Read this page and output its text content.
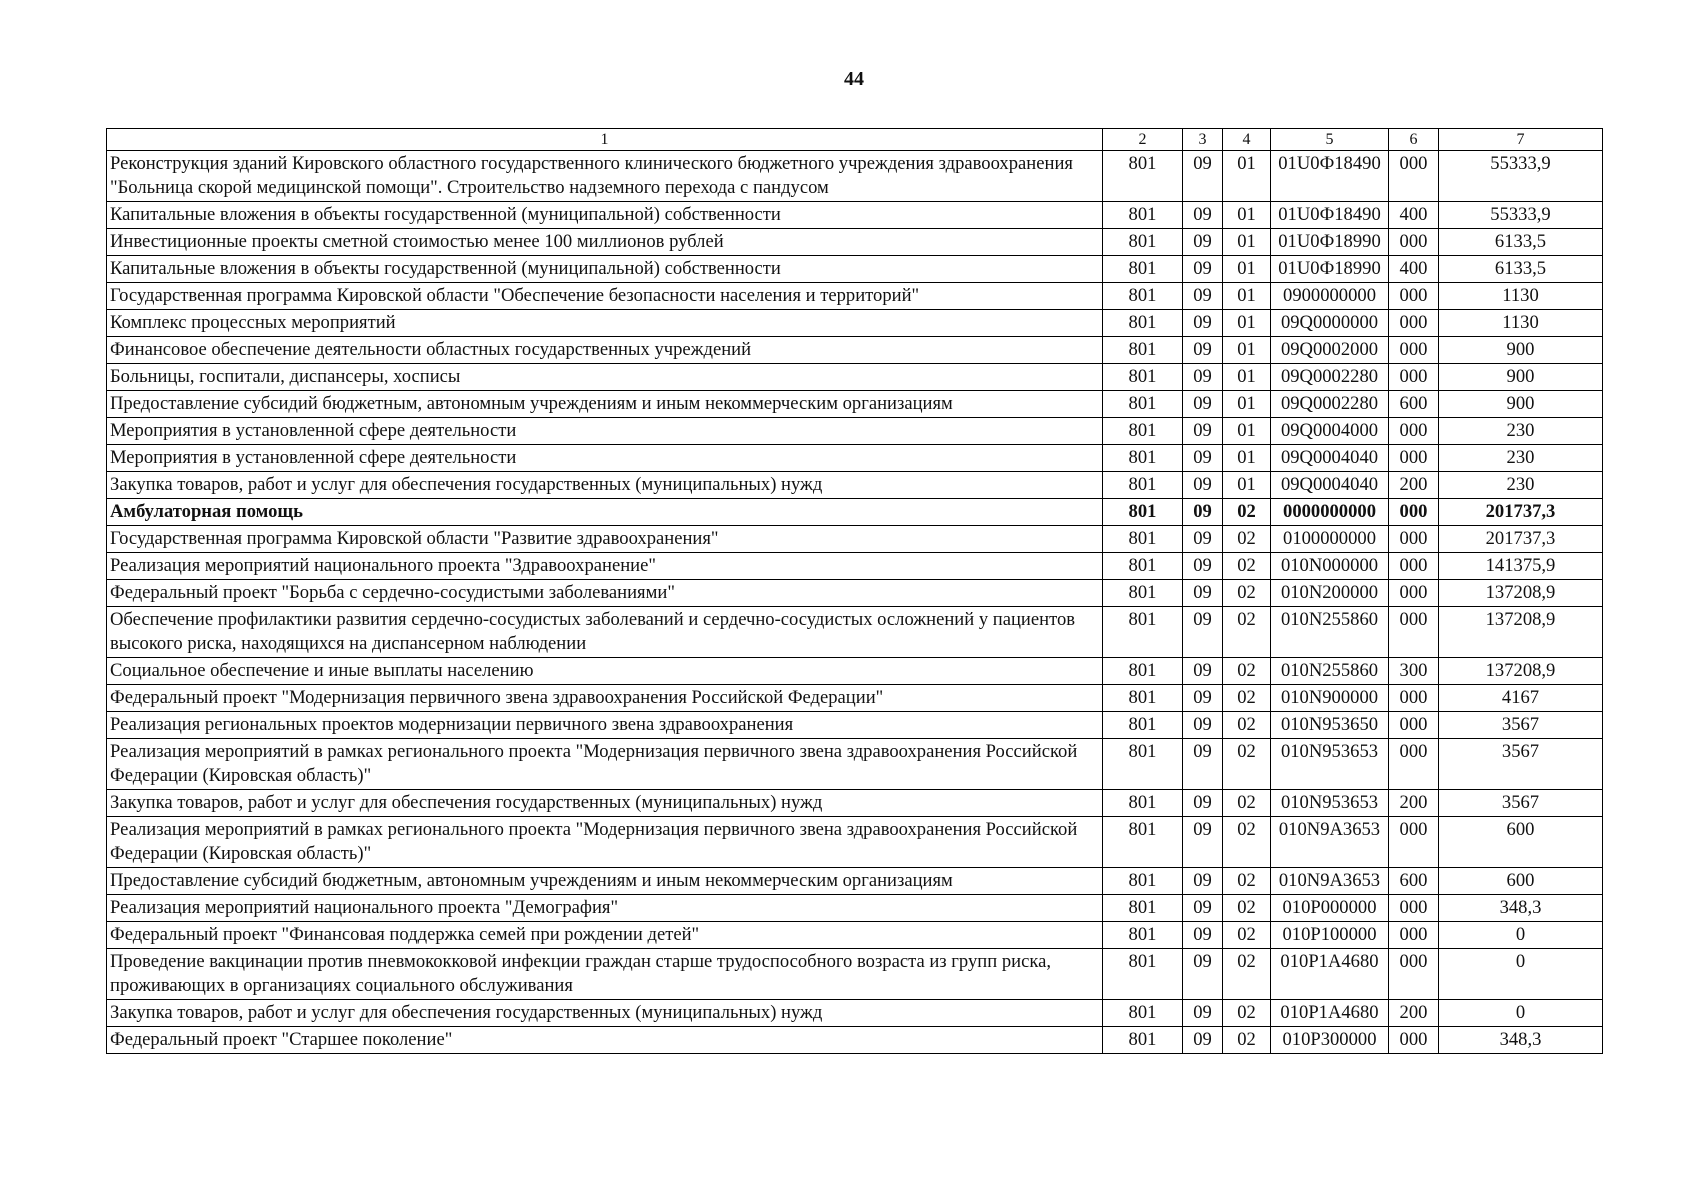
44
1	2	3	4	5	6	7
Реконструкция зданий Кировского областного государственного клинического бюджетного учреждения здравоохранения "Больница скорой медицинской помощи". Строительство надземного перехода с пандусом	801	09	01	01U0Ф18490	000	55333,9
Капитальные вложения в объекты государственной (муниципальной) собственности	801	09	01	01U0Ф18490	400	55333,9
Инвестиционные проекты сметной стоимостью менее 100 миллионов рублей	801	09	01	01U0Ф18990	000	6133,5
Капитальные вложения в объекты государственной (муниципальной) собственности	801	09	01	01U0Ф18990	400	6133,5
Государственная программа Кировской области "Обеспечение безопасности населения и территорий"	801	09	01	0900000000	000	1130
Комплекс процессных мероприятий	801	09	01	09Q0000000	000	1130
Финансовое обеспечение деятельности областных государственных учреждений	801	09	01	09Q0002000	000	900
Больницы, госпитали, диспансеры, хосписы	801	09	01	09Q0002280	000	900
Предоставление субсидий бюджетным, автономным учреждениям и иным некоммерческим организациям	801	09	01	09Q0002280	600	900
Мероприятия в установленной сфере деятельности	801	09	01	09Q0004000	000	230
Мероприятия в установленной сфере деятельности	801	09	01	09Q0004040	000	230
Закупка товаров, работ и услуг для обеспечения государственных (муниципальных) нужд	801	09	01	09Q0004040	200	230
Амбулаторная помощь	801	09	02	0000000000	000	201737,3
Государственная программа Кировской области "Развитие здравоохранения"	801	09	02	0100000000	000	201737,3
Реализация мероприятий национального проекта "Здравоохранение"	801	09	02	010N000000	000	141375,9
Федеральный проект "Борьба с сердечно-сосудистыми заболеваниями"	801	09	02	010N200000	000	137208,9
Обеспечение профилактики развития сердечно-сосудистых заболеваний и сердечно-сосудистых осложнений у пациентов высокого риска, находящихся на диспансерном наблюдении	801	09	02	010N255860	000	137208,9
Социальное обеспечение и иные выплаты населению	801	09	02	010N255860	300	137208,9
Федеральный проект "Модернизация первичного звена здравоохранения Российской Федерации"	801	09	02	010N900000	000	4167
Реализация региональных проектов модернизации первичного звена здравоохранения	801	09	02	010N953650	000	3567
Реализация мероприятий в рамках регионального проекта "Модернизация первичного звена здравоохранения Российской Федерации (Кировская область)"	801	09	02	010N953653	000	3567
Закупка товаров, работ и услуг для обеспечения государственных (муниципальных) нужд	801	09	02	010N953653	200	3567
Реализация мероприятий в рамках регионального проекта "Модернизация первичного звена здравоохранения Российской Федерации (Кировская область)"	801	09	02	010N9A3653	000	600
Предоставление субсидий бюджетным, автономным учреждениям и иным некоммерческим организациям	801	09	02	010N9A3653	600	600
Реализация мероприятий национального проекта "Демография"	801	09	02	010P000000	000	348,3
Федеральный проект "Финансовая поддержка семей при рождении детей"	801	09	02	010P100000	000	0
Проведение вакцинации против пневмококковой инфекции граждан старше трудоспособного возраста из групп риска, проживающих в организациях социального обслуживания	801	09	02	010P1A4680	000	0
Закупка товаров, работ и услуг для обеспечения государственных (муниципальных) нужд	801	09	02	010P1A4680	200	0
Федеральный проект "Старшее поколение"	801	09	02	010P300000	000	348,3
